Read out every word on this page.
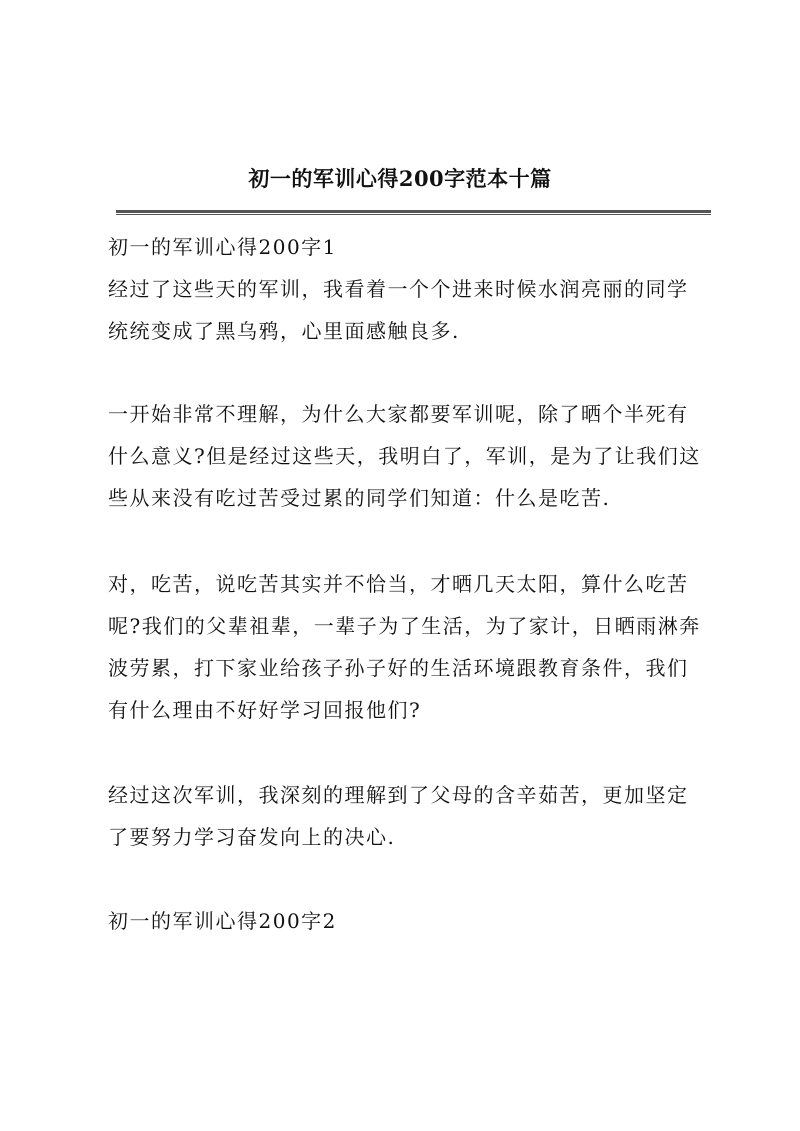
初一的军训心得200字范本十篇
初一的军训心得200字1
经过了这些天的军训，我看着一个个进来时候水润亮丽的同学统统变成了黑乌鸦，心里面感触良多.
一开始非常不理解，为什么大家都要军训呢，除了晒个半死有什么意义?但是经过这些天，我明白了，军训，是为了让我们这些从来没有吃过苦受过累的同学们知道：什么是吃苦.
对，吃苦，说吃苦其实并不恰当，才晒几天太阳，算什么吃苦呢?我们的父辈祖辈，一辈子为了生活，为了家计，日晒雨淋奔波劳累，打下家业给孩子孙子好的生活环境跟教育条件，我们有什么理由不好好学习回报他们?
经过这次军训，我深刻的理解到了父母的含辛茹苦，更加坚定了要努力学习奋发向上的决心.
初一的军训心得200字2
